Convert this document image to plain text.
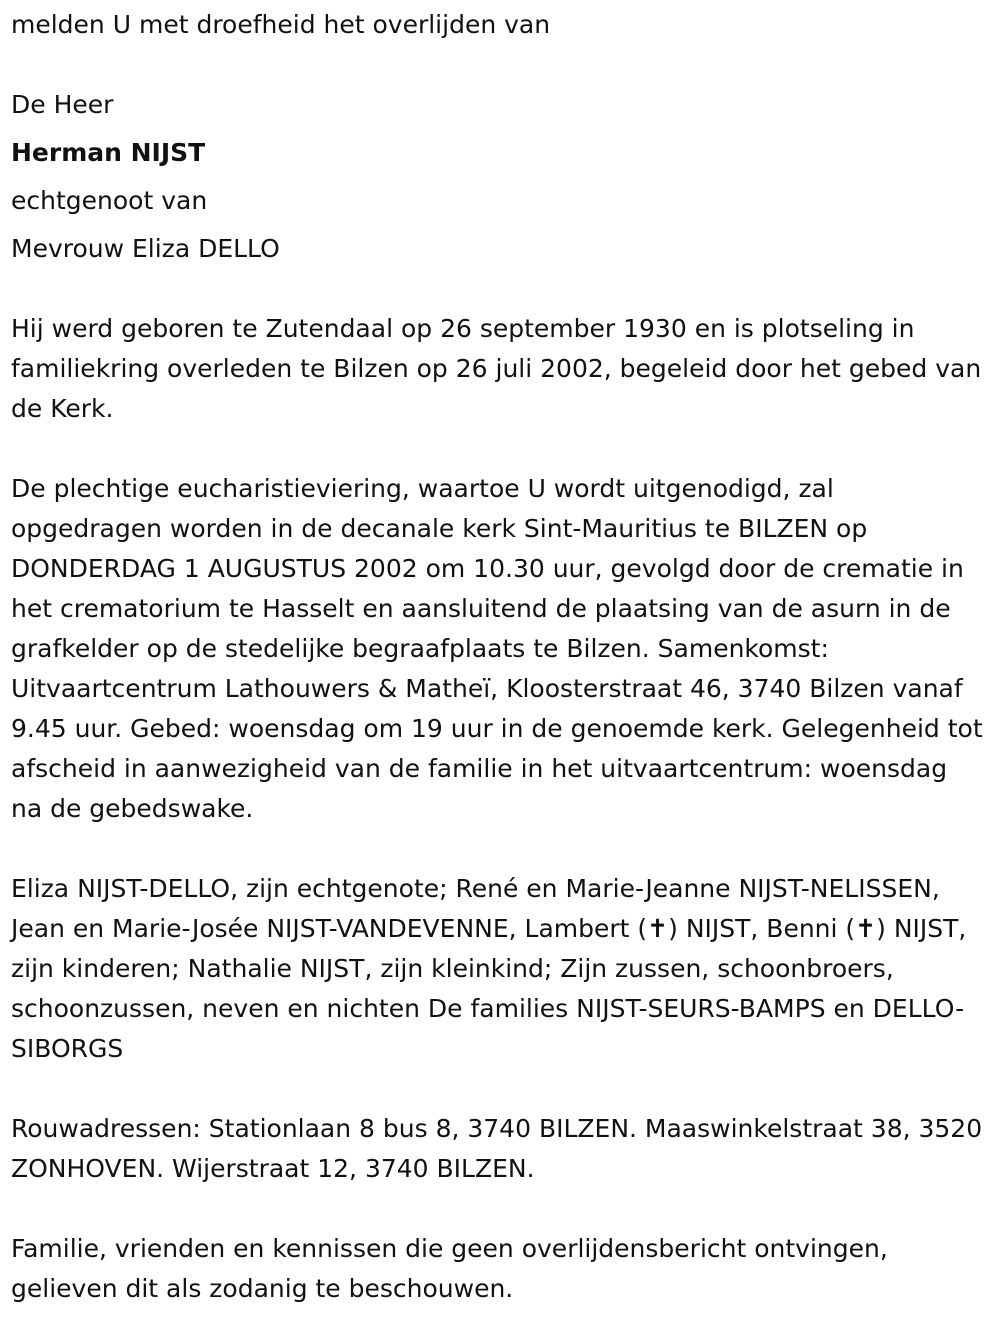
melden U met droefheid het overlijden van
De Heer
Herman NIJST
echtgenoot van
Mevrouw Eliza DELLO

Hij werd geboren te Zutendaal op 26 september 1930 en is plotseling in familiekring overleden te Bilzen op 26 juli 2002, begeleid door het gebed van de Kerk.

De plechtige eucharistieviering, waartoe U wordt uitgenodigd, zal opgedragen worden in de decanale kerk Sint-Mauritius te BILZEN op DONDERDAG 1 AUGUSTUS 2002 om 10.30 uur, gevolgd door de crematie in het crematorium te Hasselt en aansluitend de plaatsing van de asurn in de grafkelder op de stedelijke begraafplaats te Bilzen. Samenkomst: Uitvaartcentrum Lathouwers & Matheï, Kloosterstraat 46, 3740 Bilzen vanaf 9.45 uur. Gebed: woensdag om 19 uur in de genoemde kerk. Gelegenheid tot afscheid in aanwezigheid van de familie in het uitvaartcentrum: woensdag na de gebedswake.

Eliza NIJST-DELLO, zijn echtgenote; René en Marie-Jeanne NIJST-NELISSEN, Jean en Marie-Josée NIJST-VANDEVENNE, Lambert (✝) NIJST, Benni (✝) NIJST, zijn kinderen; Nathalie NIJST, zijn kleinkind; Zijn zussen, schoonbroers, schoonzussen, neven en nichten De families NIJST-SEURS-BAMPS en DELLO-SIBORGS

Rouwadressen: Stationlaan 8 bus 8, 3740 BILZEN. Maaswinkelstraat 38, 3520 ZONHOVEN. Wijerstraat 12, 3740 BILZEN.

Familie, vrienden en kennissen die geen overlijdensbericht ontvingen, gelieven dit als zodanig te beschouwen.
